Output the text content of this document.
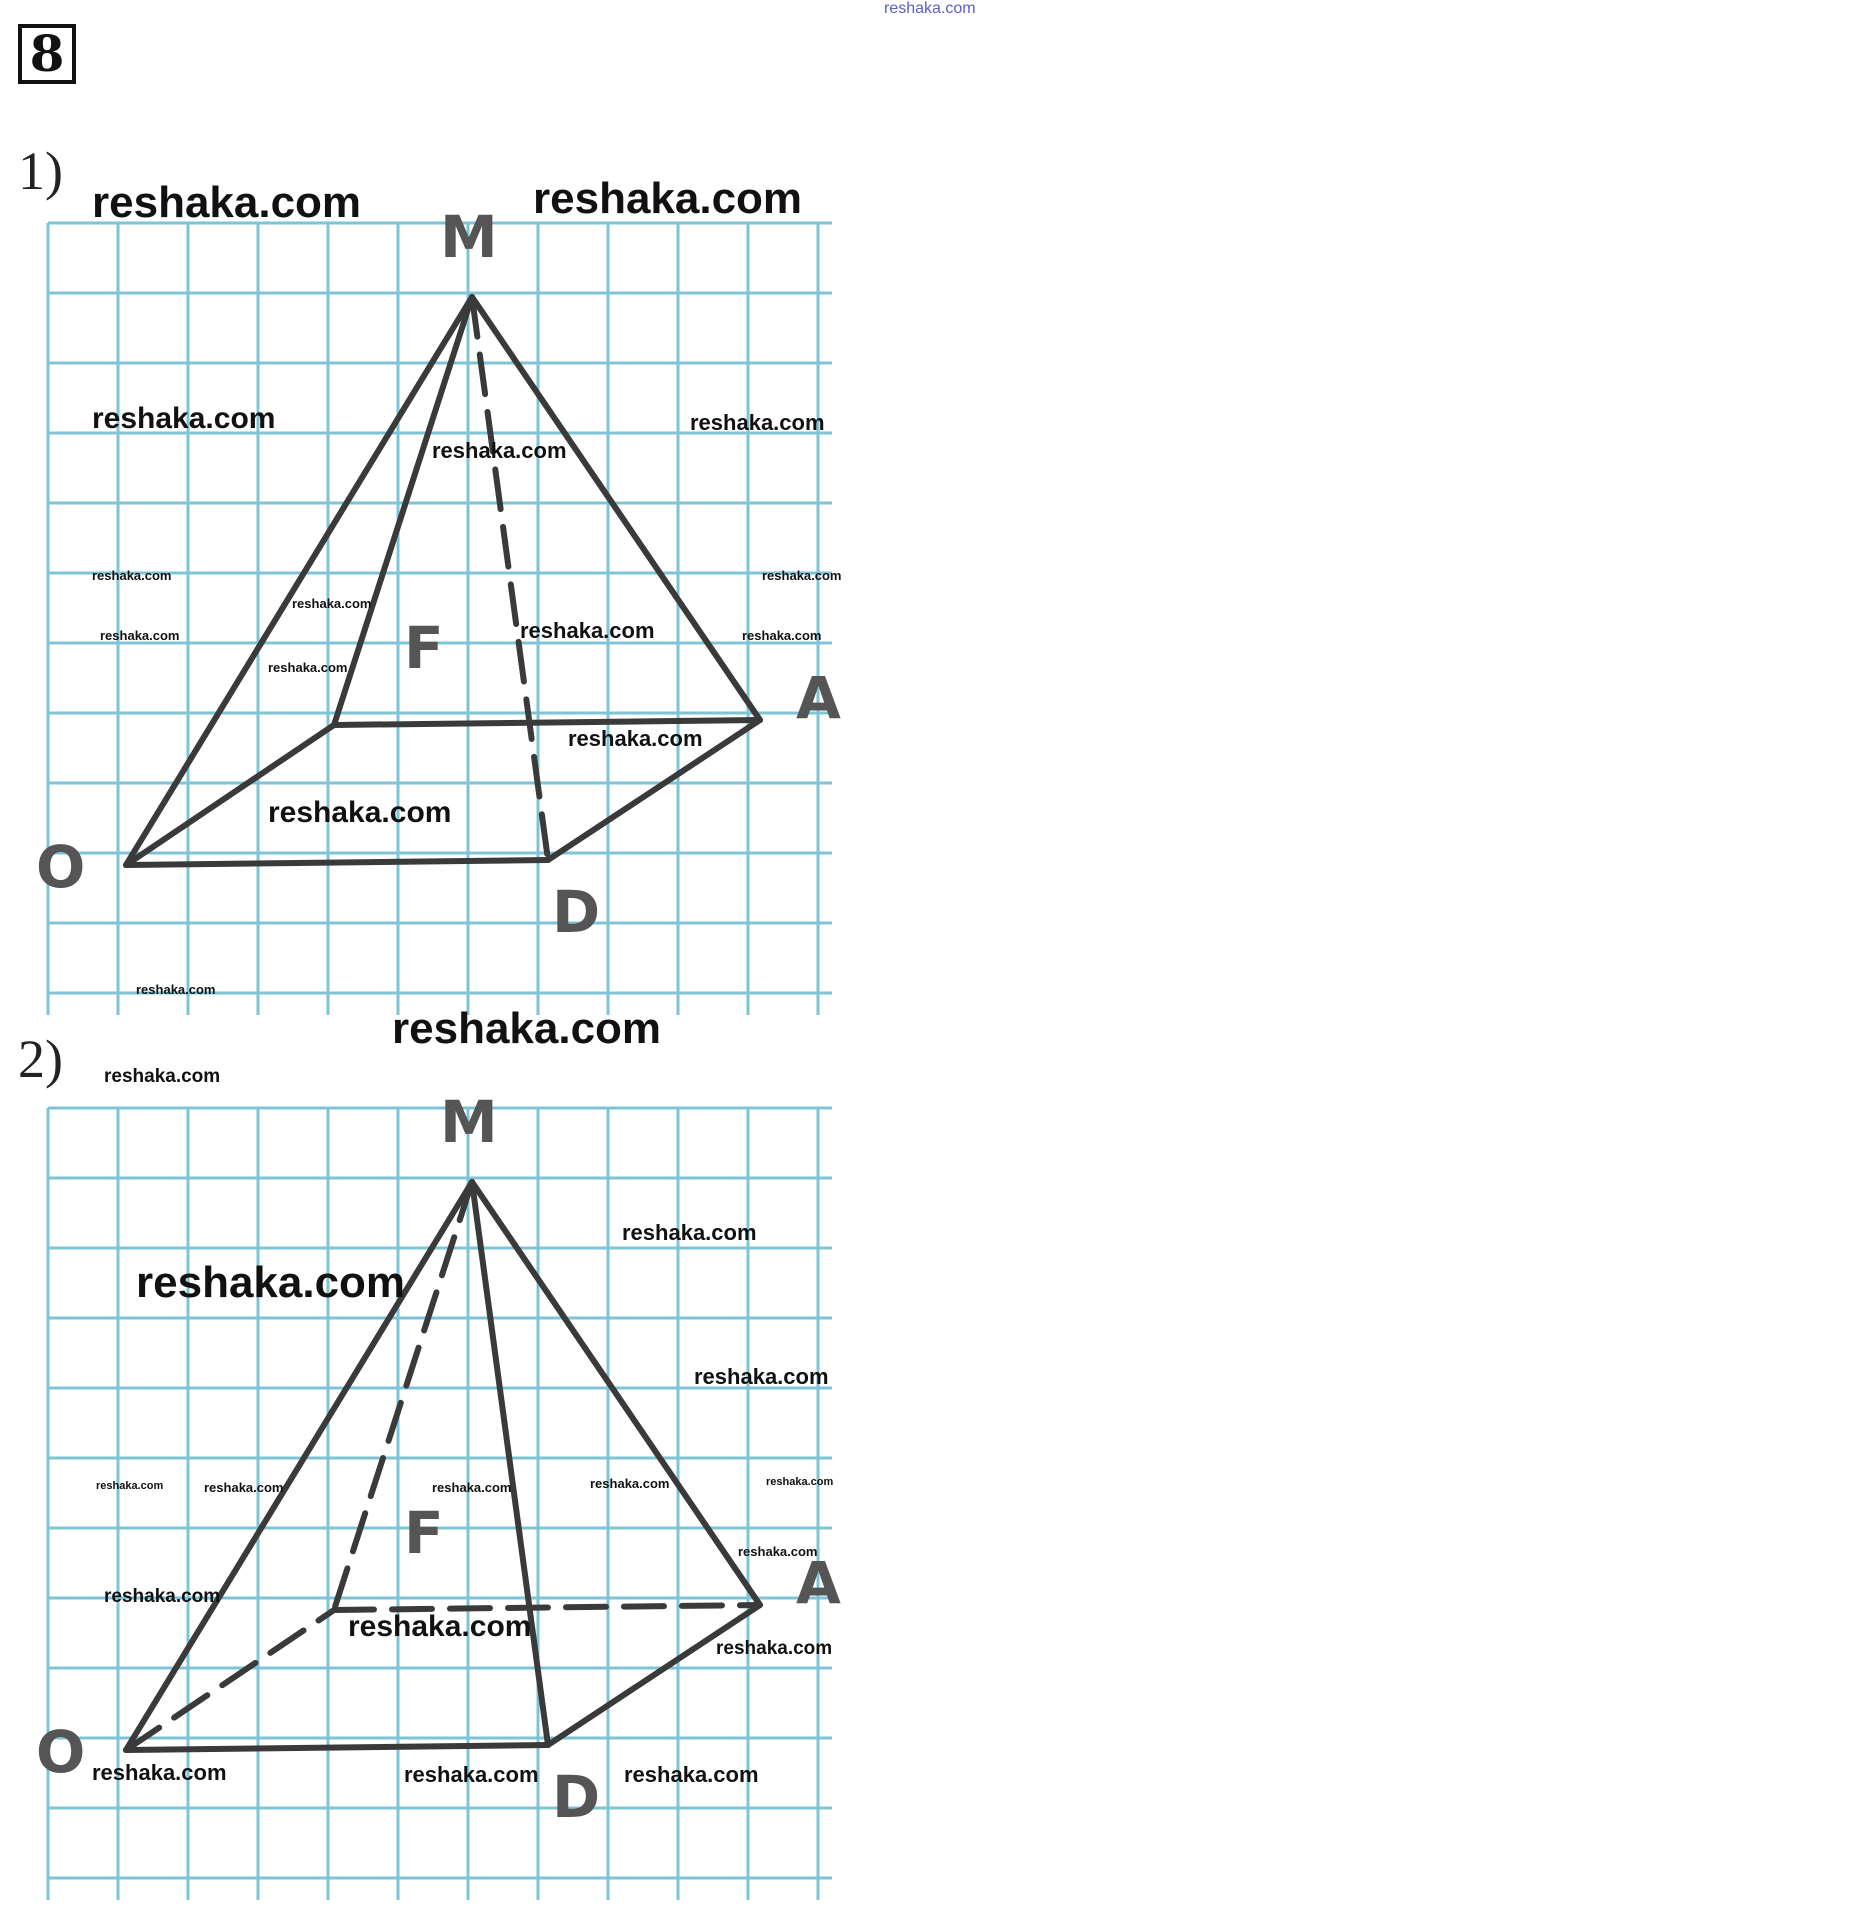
reshaka.com
8
1)
M
F
A
O
D
2)
M
F
A
O
D
reshaka.com	reshaka.com
reshaka.com	reshaka.com
reshaka.com
reshaka.com	reshaka.com
reshaka.com
reshaka.com	reshaka.com
reshaka.com
reshaka.com
reshaka.com
reshaka.com
reshaka.com
reshaka.com
reshaka.com
reshaka.com
reshaka.com
reshaka.com
reshaka.com	reshaka.com	reshaka.com	reshaka.com	reshaka.com
reshaka.com
reshaka.com
reshaka.com
reshaka.com
reshaka.com	reshaka.com	reshaka.com
